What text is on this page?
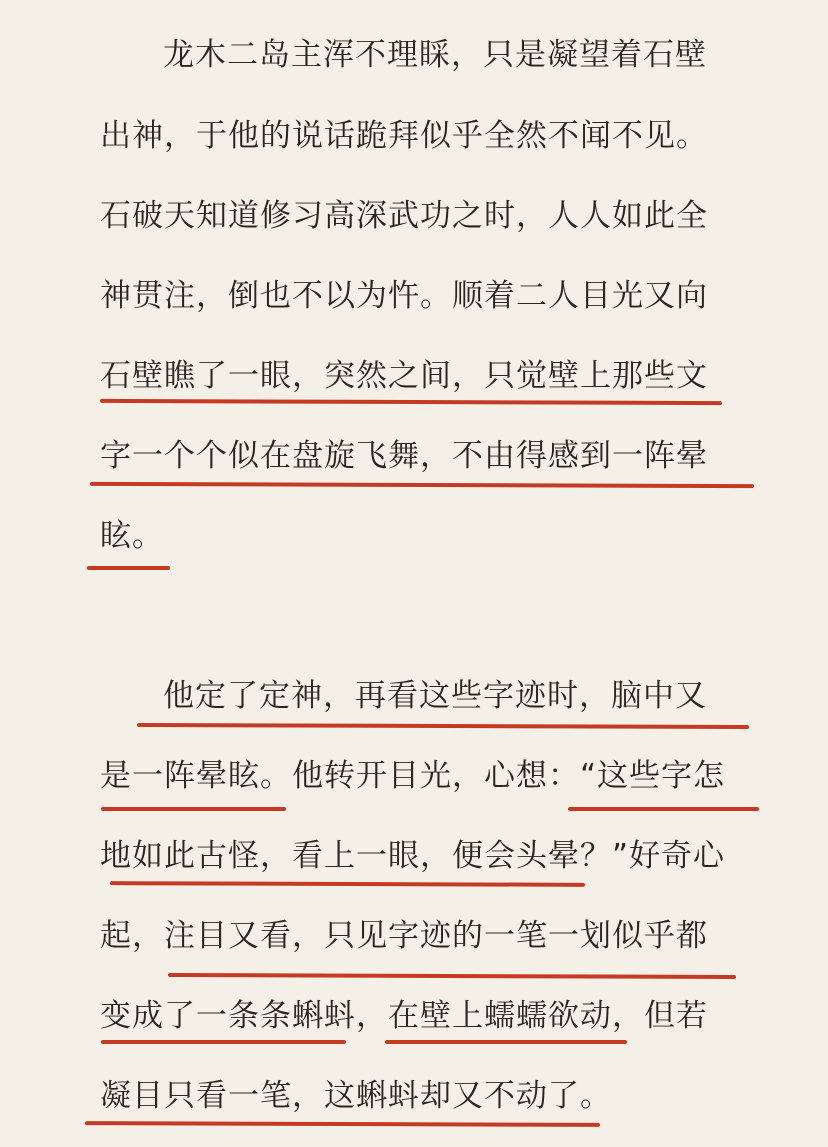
龙木二岛主浑不理睬，只是凝望着石壁
出神，于他的说话跪拜似乎全然不闻不见。
石破天知道修习高深武功之时，人人如此全
神贯注，倒也不以为忤。顺着二人目光又向
石壁瞧了一眼，突然之间，只觉壁上那些文
字一个个似在盘旋飞舞，不由得感到一阵晕
眩。
他定了定神，再看这些字迹时，脑中又
是一阵晕眩。他转开目光，心想：“这些字怎
地如此古怪，看上一眼，便会头晕？”好奇心
起，注目又看，只见字迹的一笔一划似乎都
变成了一条条蝌蚪，在壁上蠕蠕欲动，但若
凝目只看一笔，这蝌蚪却又不动了。
